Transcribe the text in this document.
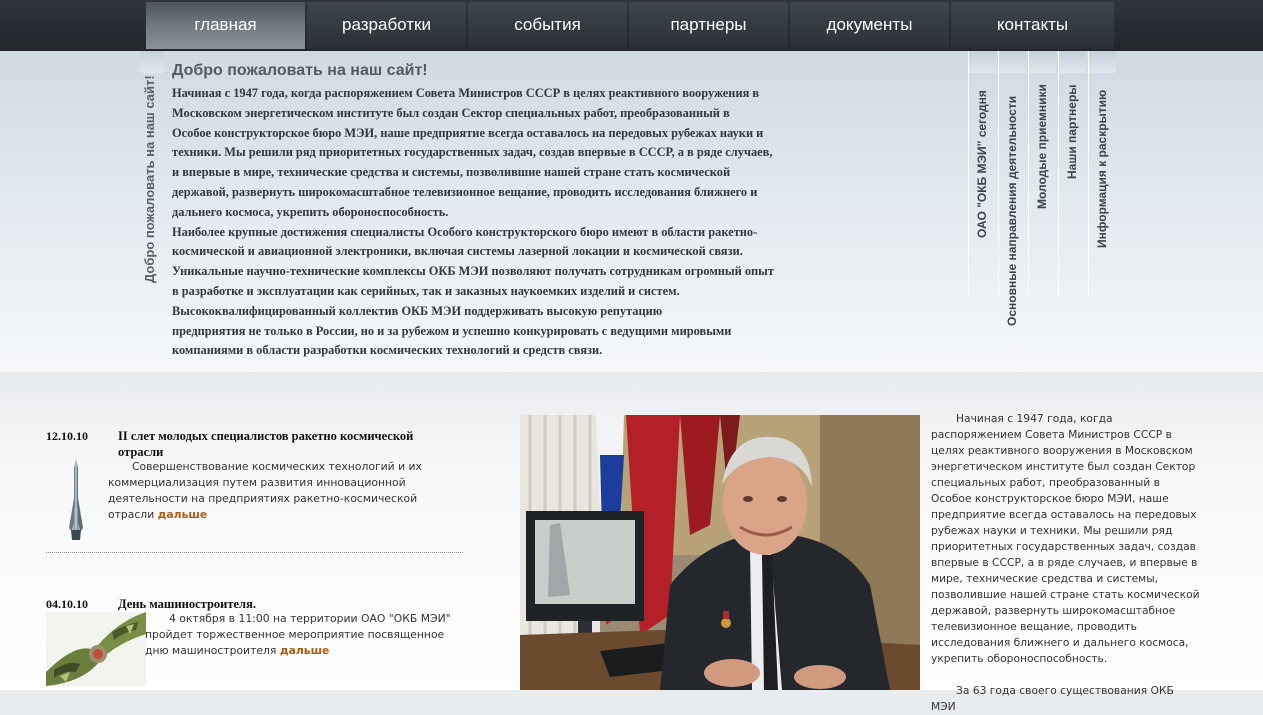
главная	разработки	события	партнеры	документы	контакты
Добро пожаловать на наш сайт!
Добро пожаловать на наш сайт!
Начиная с 1947 года, когда распоряжением Совета Министров СССР в целях реактивного вооружения в
Московском энергетическом институте был создан Сектор специальных работ, преобразованный в
Особое конструкторское бюро МЭИ, наше предприятие всегда оставалось на передовых рубежах науки и
техники. Мы решили ряд приоритетных государственных задач, создав впервые в СССР, а в ряде случаев,
и впервые в мире, технические средства и системы, позволившие нашей стране стать космической
державой, развернуть широкомасштабное телевизионное вещание, проводить исследования ближнего и
дальнего космоса, укрепить обороноспособность.
Наиболее крупные достижения специалисты Особого конструкторского бюро имеют в области ракетно-
космической и авиационной электроники, включая системы лазерной локации и космической связи.
Уникальные научно-технические комплексы ОКБ МЭИ позволяют получать сотрудникам огромный опыт
в разработке и эксплуатации как серийных, так и заказных наукоемких изделий и систем.
Высококвалифицированный коллектив ОКБ МЭИ поддерживать высокую репутацию
предприятия не только в России, но и за рубежом и успешно конкурировать с ведущими мировыми
компаниями в области разработки космических технологий и средств связи.
ОАО "ОКБ МЭИ" сегодня Основные направления деятельности Молодые приемники Наши партнеры Информация к раскрытию
12.10.10 II слет молодых специалистов ракетно космической отрасли
Совершенствование космических технологий и их коммерциализация путем развития инновационной деятельности на предприятиях ракетно-космической отрасли дальше
04.10.10 День машиностроителя.
4 октября в 11:00 на территории ОАО "ОКБ МЭИ" пройдет торжественное мероприятие посвященное дню машиностроителя дальше

Начиная с 1947 года, когда распоряжением Совета Министров СССР в целях реактивного вооружения в Московском энергетическом институте был создан Сектор специальных работ, преобразованный в Особое конструкторское бюро МЭИ, наше предприятие всегда оставалось на передовых рубежах науки и техники. Мы решили ряд приоритетных государственных задач, создав впервые в СССР, а в ряде случаев, и впервые в мире, технические средства и системы, позволившие нашей стране стать космической державой, развернуть широкомасштабное телевизионное вещание, проводить исследования ближнего и дальнего космоса, укрепить обороноспособность.

За 63 года своего существования ОКБ МЭИ
